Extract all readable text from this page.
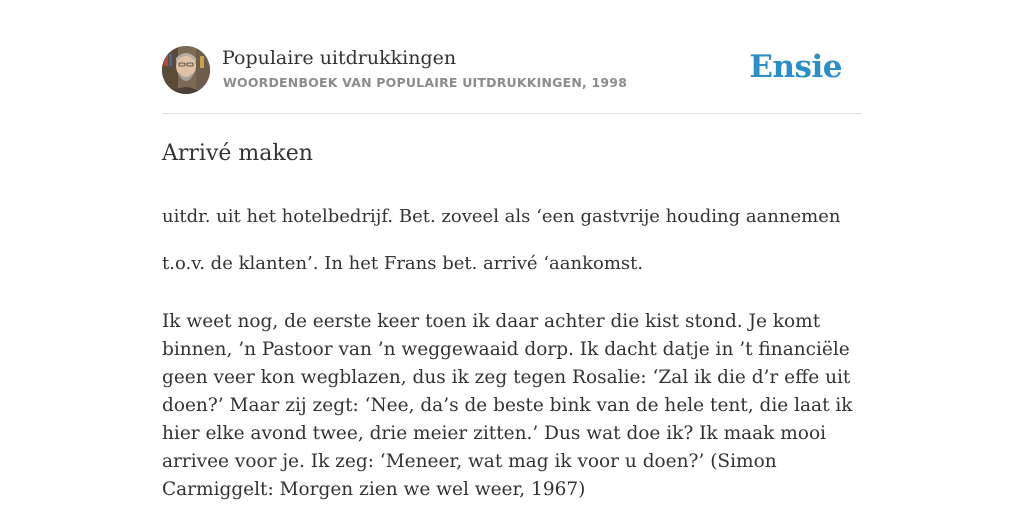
Populaire uitdrukkingen
WOORDENBOEK VAN POPULAIRE UITDRUKKINGEN, 1998	Ensie
Arrivé maken

uitdr. uit het hotelbedrijf. Bet. zoveel als ‘een gastvrije houding aannemen t.o.v. de klanten’. In het Frans bet. arrivé ‘aankomst.

Ik weet nog, de eerste keer toen ik daar achter die kist stond. Je komt binnen, ’n Pastoor van ’n weggewaaid dorp. Ik dacht datje in ’t financiële geen veer kon wegblazen, dus ik zeg tegen Rosalie: ‘Zal ik die d’r effe uit doen?’ Maar zij zegt: ‘Nee, da’s de beste bink van de hele tent, die laat ik hier elke avond twee, drie meier zitten.’ Dus wat doe ik? Ik maak mooi arrivee voor je. Ik zeg: ‘Meneer, wat mag ik voor u doen?’ (Simon Carmiggelt: Morgen zien we wel weer, 1967)
